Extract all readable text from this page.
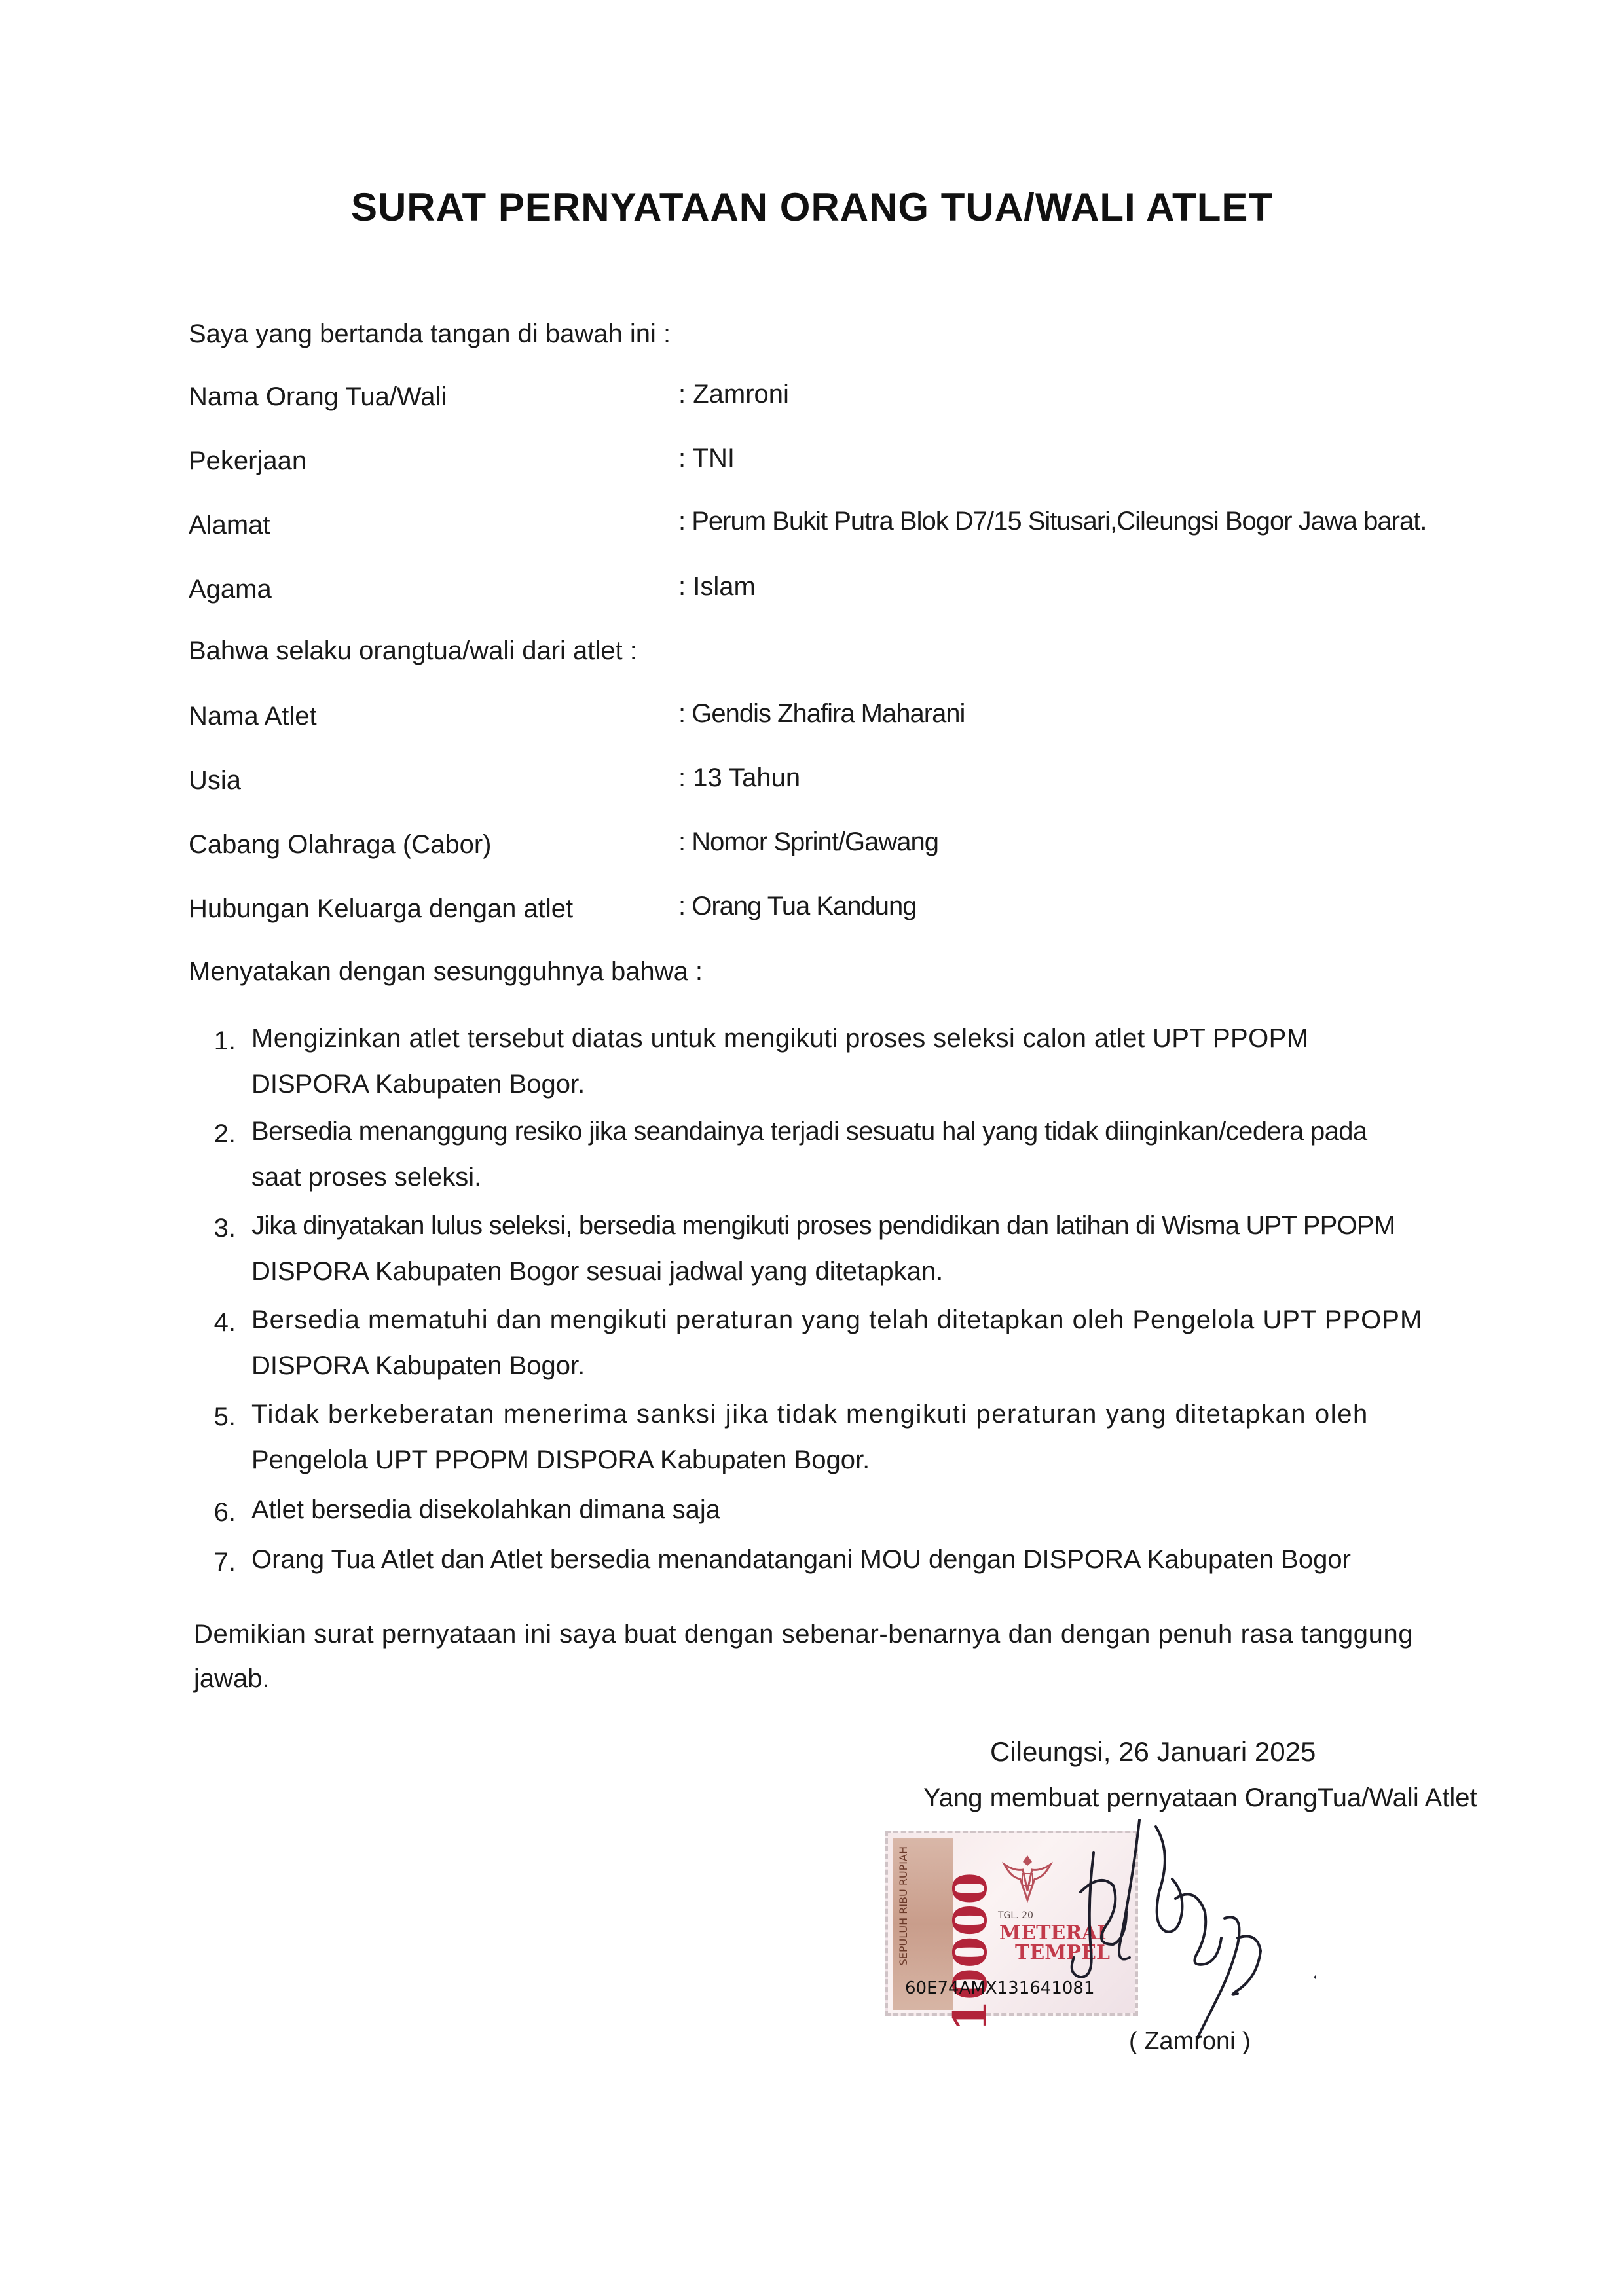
SURAT PERNYATAAN ORANG TUA/WALI ATLET
Saya yang bertanda tangan di bawah ini :
Nama Orang Tua/Wali	: Zamroni
Pekerjaan	: TNI
Alamat	: Perum Bukit Putra Blok D7/15 Situsari,Cileungsi Bogor Jawa barat.
Agama	: Islam
Bahwa selaku orangtua/wali dari atlet :
Nama Atlet	: Gendis Zhafira Maharani
Usia	: 13 Tahun
Cabang Olahraga (Cabor)	: Nomor Sprint/Gawang
Hubungan Keluarga dengan atlet	: Orang Tua Kandung
Menyatakan dengan sesungguhnya bahwa :
1. Mengizinkan atlet tersebut diatas untuk mengikuti proses seleksi calon atlet UPT PPOPM
DISPORA Kabupaten Bogor.
2. Bersedia menanggung resiko jika seandainya terjadi sesuatu hal yang tidak diinginkan/cedera pada
saat proses seleksi.
3. Jika dinyatakan lulus seleksi, bersedia mengikuti proses pendidikan dan latihan di Wisma UPT PPOPM
DISPORA Kabupaten Bogor sesuai jadwal yang ditetapkan.
4. Bersedia mematuhi dan mengikuti peraturan yang telah ditetapkan oleh Pengelola UPT PPOPM
DISPORA Kabupaten Bogor.
5. Tidak berkeberatan menerima sanksi jika tidak mengikuti peraturan yang ditetapkan oleh
Pengelola UPT PPOPM DISPORA Kabupaten Bogor.
6. Atlet bersedia disekolahkan dimana saja
7. Orang Tua Atlet dan Atlet bersedia menandatangani MOU dengan DISPORA Kabupaten Bogor
Demikian surat pernyataan ini saya buat dengan sebenar-benarnya dan dengan penuh rasa tanggung
jawab.
Cileungsi, 26 Januari 2025
Yang membuat pernyataan OrangTua/Wali Atlet
SEPULUH RIBU RUPIAH 10000 TGL. 20
METERAI
TEMPEL
60E74AMX131641081
( Zamroni )
